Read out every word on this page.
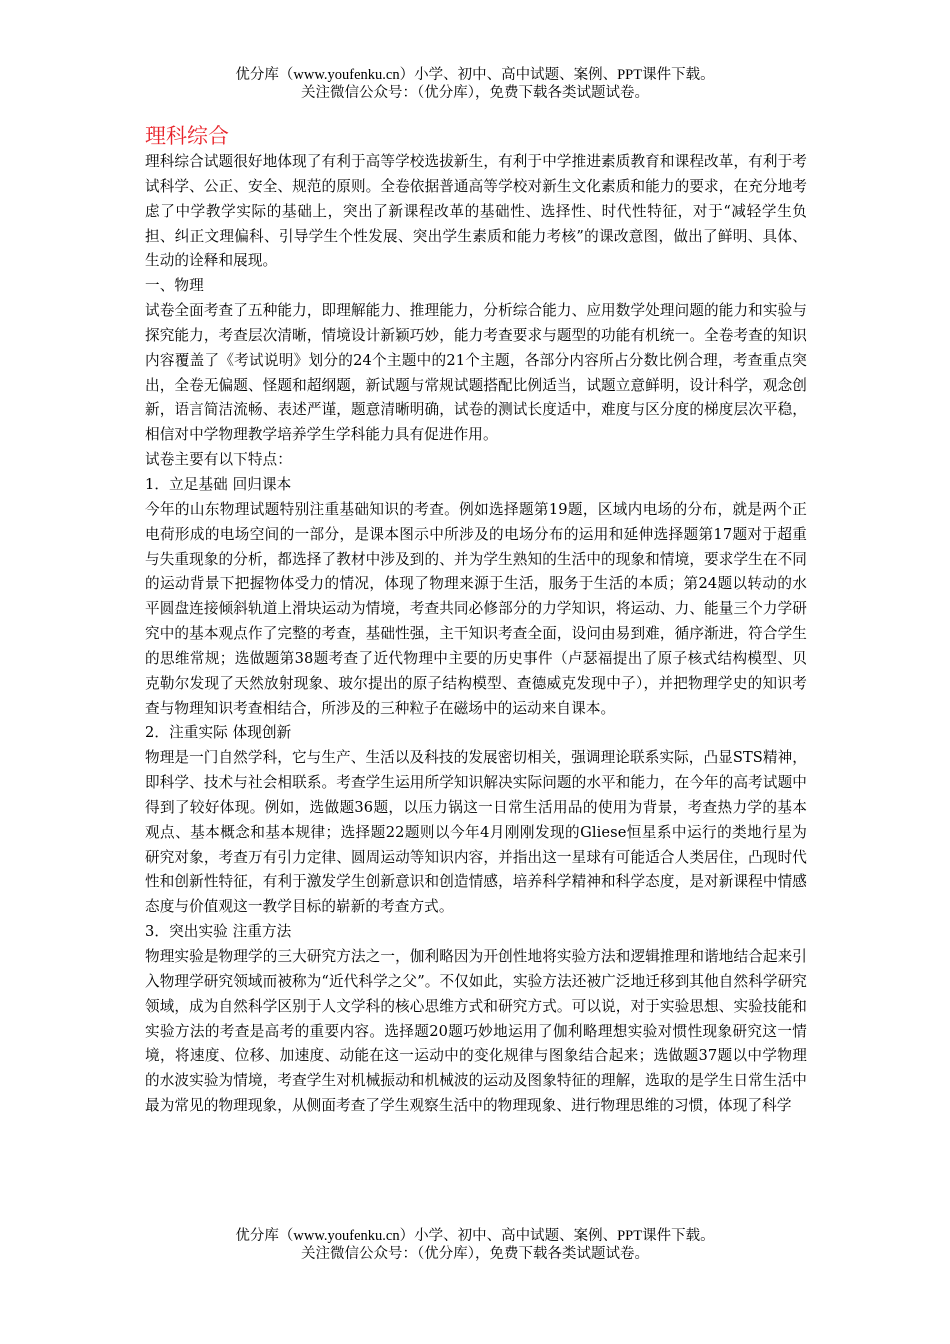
优分库（www.youfenku.cn）小学、初中、高中试题、案例、PPT课件下载。
关注微信公众号：（优分库），免费下载各类试题试卷。
理科综合

理科综合试题很好地体现了有利于高等学校选拔新生，有利于中学推进素质教育和课程改革，有利于考试科学、公正、安全、规范的原则。全卷依据普通高等学校对新生文化素质和能力的要求，在充分地考虑了中学教学实际的基础上，突出了新课程改革的基础性、选择性、时代性特征，对于“减轻学生负担、纠正文理偏科、引导学生个性发展、突出学生素质和能力考核”的课改意图，做出了鲜明、具体、生动的诠释和展现。

一、物理

试卷全面考查了五种能力，即理解能力、推理能力，分析综合能力、应用数学处理问题的能力和实验与探究能力，考查层次清晰，情境设计新颖巧妙，能力考查要求与题型的功能有机统一。全卷考查的知识内容覆盖了《考试说明》划分的24个主题中的21个主题，各部分内容所占分数比例合理，考查重点突出，全卷无偏题、怪题和超纲题，新试题与常规试题搭配比例适当，试题立意鲜明，设计科学，观念创新，语言简洁流畅、表述严谨，题意清晰明确，试卷的测试长度适中，难度与区分度的梯度层次平稳，相信对中学物理教学培养学生学科能力具有促进作用。

试卷主要有以下特点：

1．立足基础 回归课本

今年的山东物理试题特别注重基础知识的考查。例如选择题第19题，区域内电场的分布，就是两个正电荷形成的电场空间的一部分，是课本图示中所涉及的电场分布的运用和延伸选择题第17题对于超重与失重现象的分析，都选择了教材中涉及到的、并为学生熟知的生活中的现象和情境，要求学生在不同的运动背景下把握物体受力的情况，体现了物理来源于生活，服务于生活的本质；第24题以转动的水平圆盘连接倾斜轨道上滑块运动为情境，考查共同必修部分的力学知识，将运动、力、能量三个力学研究中的基本观点作了完整的考查，基础性强，主干知识考查全面，设问由易到难，循序渐进，符合学生的思维常规；选做题第38题考查了近代物理中主要的历史事件（卢瑟福提出了原子核式结构模型、贝克勒尔发现了天然放射现象、玻尔提出的原子结构模型、查德威克发现中子），并把物理学史的知识考查与物理知识考查相结合，所涉及的三种粒子在磁场中的运动来自课本。

2．注重实际 体现创新

物理是一门自然学科，它与生产、生活以及科技的发展密切相关，强调理论联系实际，凸显STS精神，即科学、技术与社会相联系。考查学生运用所学知识解决实际问题的水平和能力，在今年的高考试题中得到了较好体现。例如，选做题36题，以压力锅这一日常生活用品的使用为背景，考查热力学的基本观点、基本概念和基本规律；选择题22题则以今年4月刚刚发现的Gliese恒星系中运行的类地行星为研究对象，考查万有引力定律、圆周运动等知识内容，并指出这一星球有可能适合人类居住，凸现时代性和创新性特征，有利于激发学生创新意识和创造情感，培养科学精神和科学态度，是对新课程中情感态度与价值观这一教学目标的崭新的考查方式。

3．突出实验 注重方法

物理实验是物理学的三大研究方法之一，伽利略因为开创性地将实验方法和逻辑推理和谐地结合起来引入物理学研究领域而被称为“近代科学之父”。不仅如此，实验方法还被广泛地迁移到其他自然科学研究领域，成为自然科学区别于人文学科的核心思维方式和研究方式。可以说，对于实验思想、实验技能和实验方法的考查是高考的重要内容。选择题20题巧妙地运用了伽利略理想实验对惯性现象研究这一情境，将速度、位移、加速度、动能在这一运动中的变化规律与图象结合起来；选做题37题以中学物理的水波实验为情境，考查学生对机械振动和机械波的运动及图象特征的理解，选取的是学生日常生活中最为常见的物理现象，从侧面考查了学生观察生活中的物理现象、进行物理思维的习惯，体现了科学

优分库（www.youfenku.cn）小学、初中、高中试题、案例、PPT课件下载。
关注微信公众号：（优分库），免费下载各类试题试卷。
